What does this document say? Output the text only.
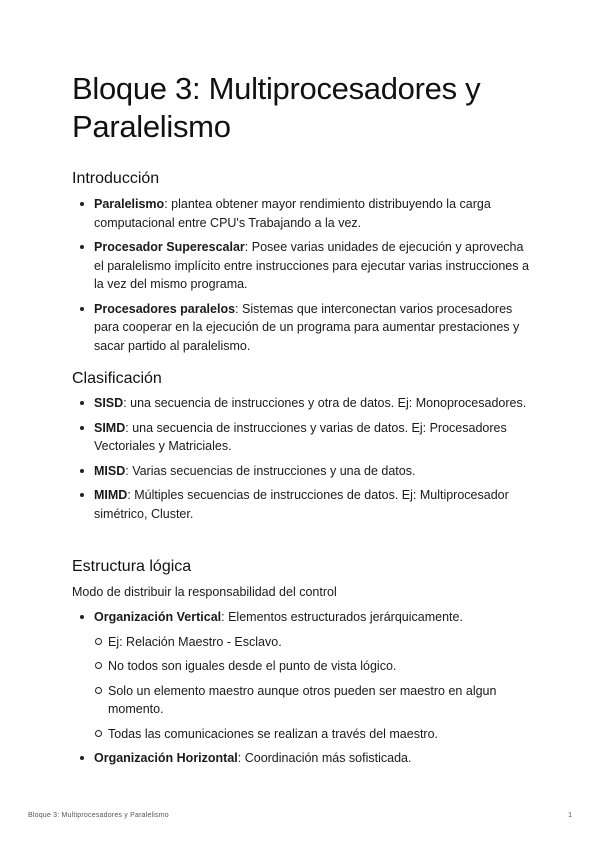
Bloque 3: Multiprocesadores y Paralelismo
Introducción
Paralelismo: plantea obtener mayor rendimiento distribuyendo la carga computacional entre CPU's Trabajando a la vez.
Procesador Superescalar: Posee varias unidades de ejecución y aprovecha el paralelismo implícito entre instrucciones para ejecutar varias instrucciones a la vez del mismo programa.
Procesadores paralelos: Sistemas que interconectan varios procesadores para cooperar en la ejecución de un programa para aumentar prestaciones y sacar partido al paralelismo.
Clasificación
SISD: una secuencia de instrucciones y otra de datos. Ej: Monoprocesadores.
SIMD: una secuencia de instrucciones y varias de datos. Ej: Procesadores Vectoriales y Matriciales.
MISD: Varias secuencias de instrucciones y una de datos.
MIMD: Múltiples secuencias de instrucciones de datos. Ej: Multiprocesador simétrico, Cluster.
Estructura lógica

Modo de distribuir la responsabilidad del control

Organización Vertical: Elementos estructurados jerárquicamente.
Ej: Relación Maestro - Esclavo.
No todos son iguales desde el punto de vista lógico.
Solo un elemento maestro aunque otros pueden ser maestro en algun momento.
Todas las comunicaciones se realizan a través del maestro.
Organización Horizontal: Coordinación más sofisticada.
Bloque 3: Multiprocesadores y Paralelismo	1
